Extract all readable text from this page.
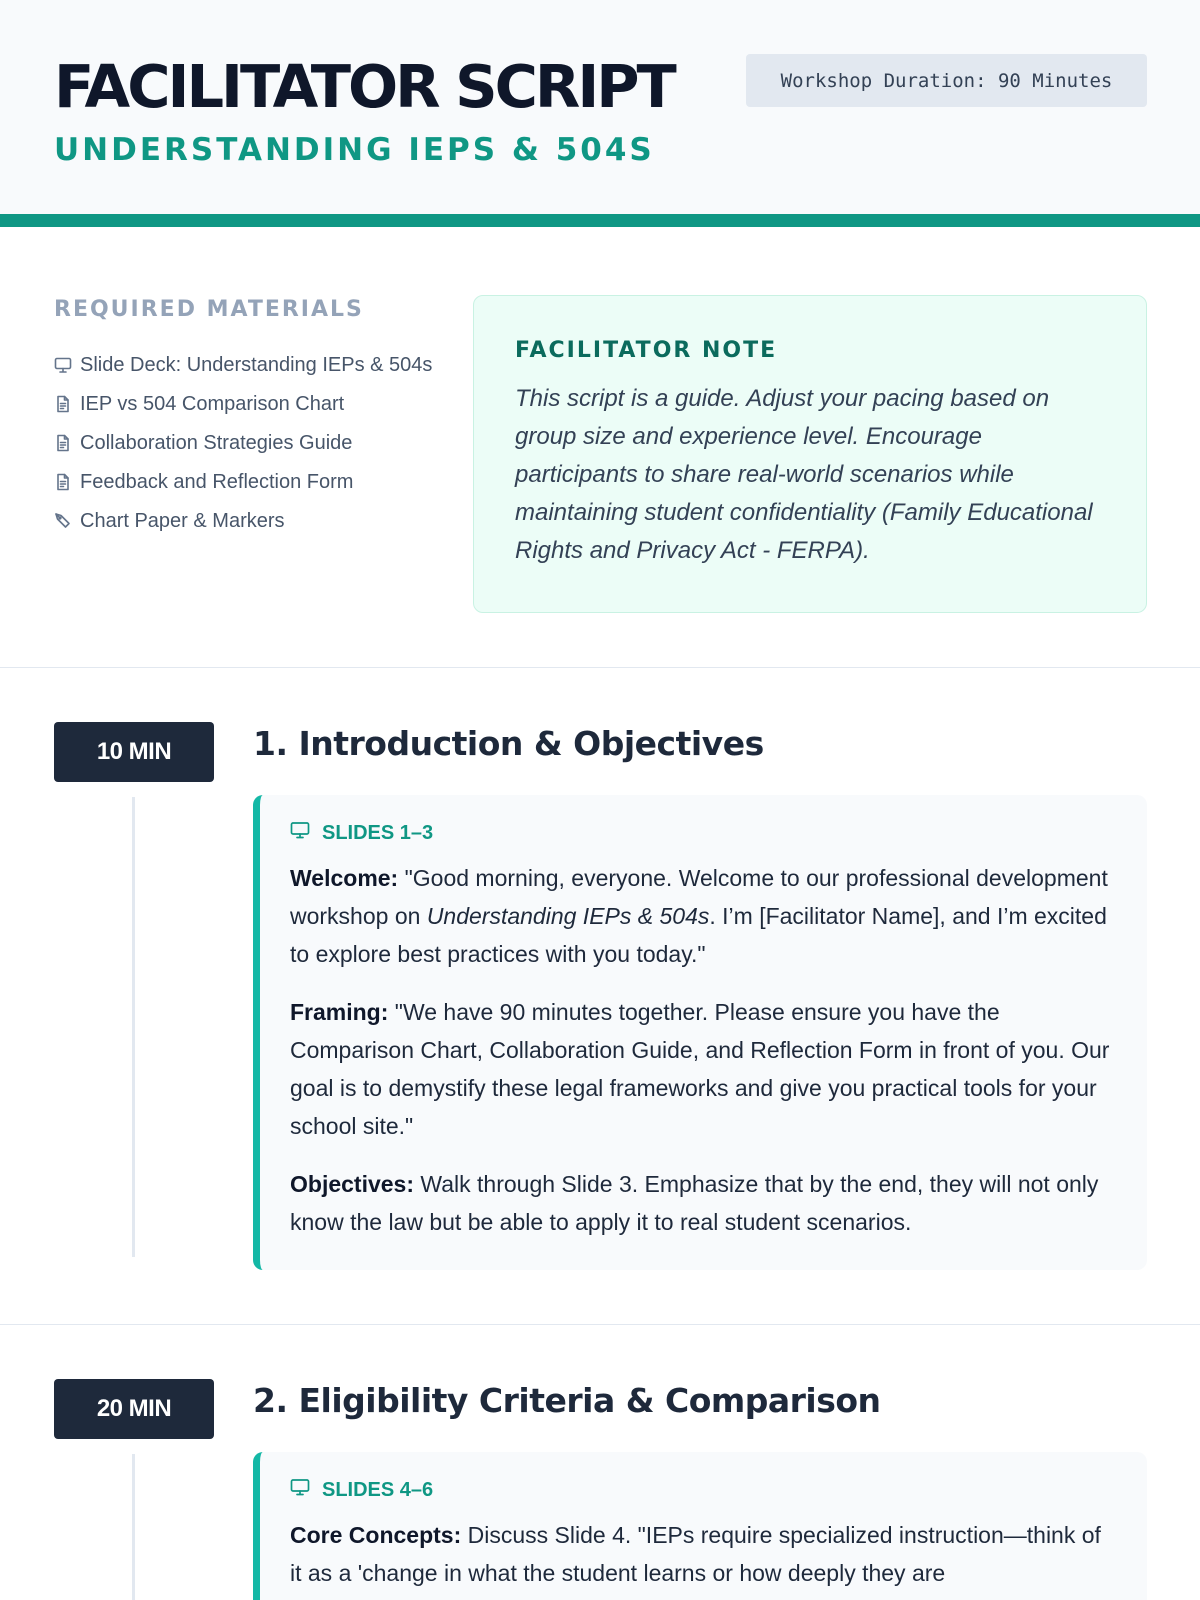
FACILITATOR SCRIPT
UNDERSTANDING IEPS & 504S
Workshop Duration: 90 Minutes
REQUIRED MATERIALS
Slide Deck: Understanding IEPs & 504s
IEP vs 504 Comparison Chart
Collaboration Strategies Guide
Feedback and Reflection Form
Chart Paper & Markers
FACILITATOR NOTE
This script is a guide. Adjust your pacing based on group size and experience level. Encourage participants to share real-world scenarios while maintaining student confidentiality (Family Educational Rights and Privacy Act - FERPA).
10 MIN	1. Introduction & Objectives
SLIDES 1–3

Welcome: "Good morning, everyone. Welcome to our professional development workshop on Understanding IEPs & 504s. I’m [Facilitator Name], and I’m excited to explore best practices with you today."

Framing: "We have 90 minutes together. Please ensure you have the Comparison Chart, Collaboration Guide, and Reflection Form in front of you. Our goal is to demystify these legal frameworks and give you practical tools for your school site."

Objectives: Walk through Slide 3. Emphasize that by the end, they will not only know the law but be able to apply it to real student scenarios.

20 MIN	2. Eligibility Criteria & Comparison
SLIDES 4–6

Core Concepts: Discuss Slide 4. "IEPs require specialized instruction—think of it as a 'change in what the student learns or how deeply they are
